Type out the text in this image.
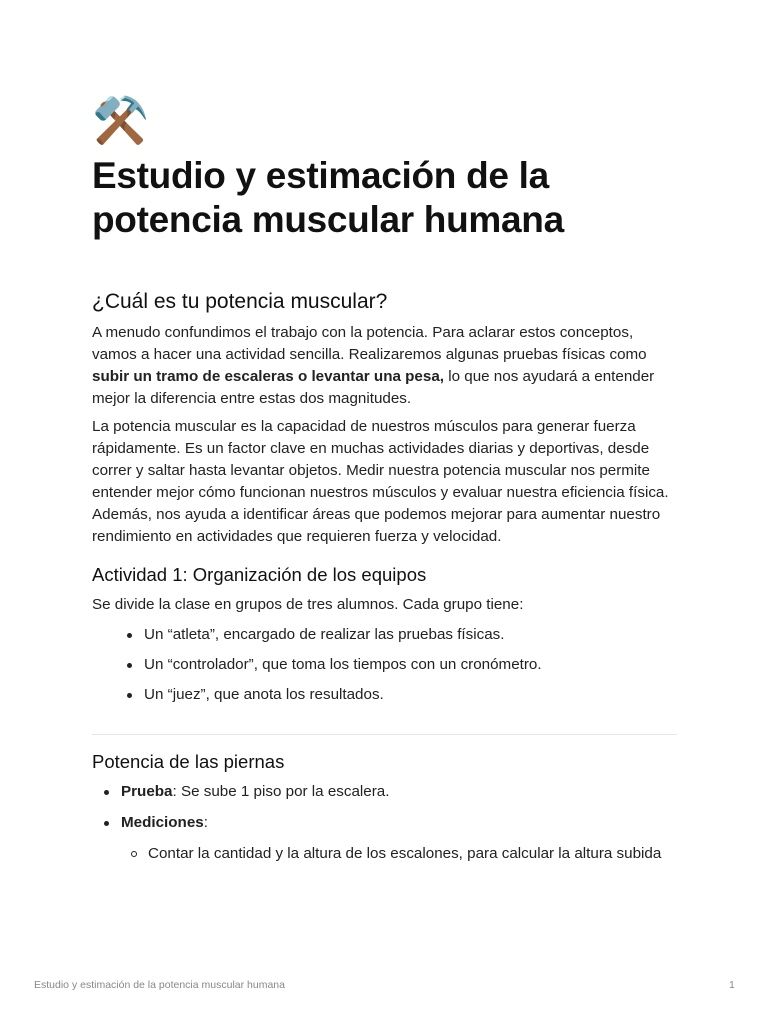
⚒️
Estudio y estimación de la potencia muscular humana
¿Cuál es tu potencia muscular?

A menudo confundimos el trabajo con la potencia. Para aclarar estos conceptos, vamos a hacer una actividad sencilla. Realizaremos algunas pruebas físicas como subir un tramo de escaleras o levantar una pesa, lo que nos ayudará a entender mejor la diferencia entre estas dos magnitudes.

La potencia muscular es la capacidad de nuestros músculos para generar fuerza rápidamente. Es un factor clave en muchas actividades diarias y deportivas, desde correr y saltar hasta levantar objetos. Medir nuestra potencia muscular nos permite entender mejor cómo funcionan nuestros músculos y evaluar nuestra eficiencia física. Además, nos ayuda a identificar áreas que podemos mejorar para aumentar nuestro rendimiento en actividades que requieren fuerza y velocidad.

Actividad 1: Organización de los equipos

Se divide la clase en grupos de tres alumnos. Cada grupo tiene:

Un “atleta”, encargado de realizar las pruebas físicas.
Un “controlador”, que toma los tiempos con un cronómetro.
Un “juez”, que anota los resultados.
Potencia de las piernas
Prueba: Se sube 1 piso por la escalera.
Mediciones:
Contar la cantidad y la altura de los escalones, para calcular la altura subida
Estudio y estimación de la potencia muscular humana	1
